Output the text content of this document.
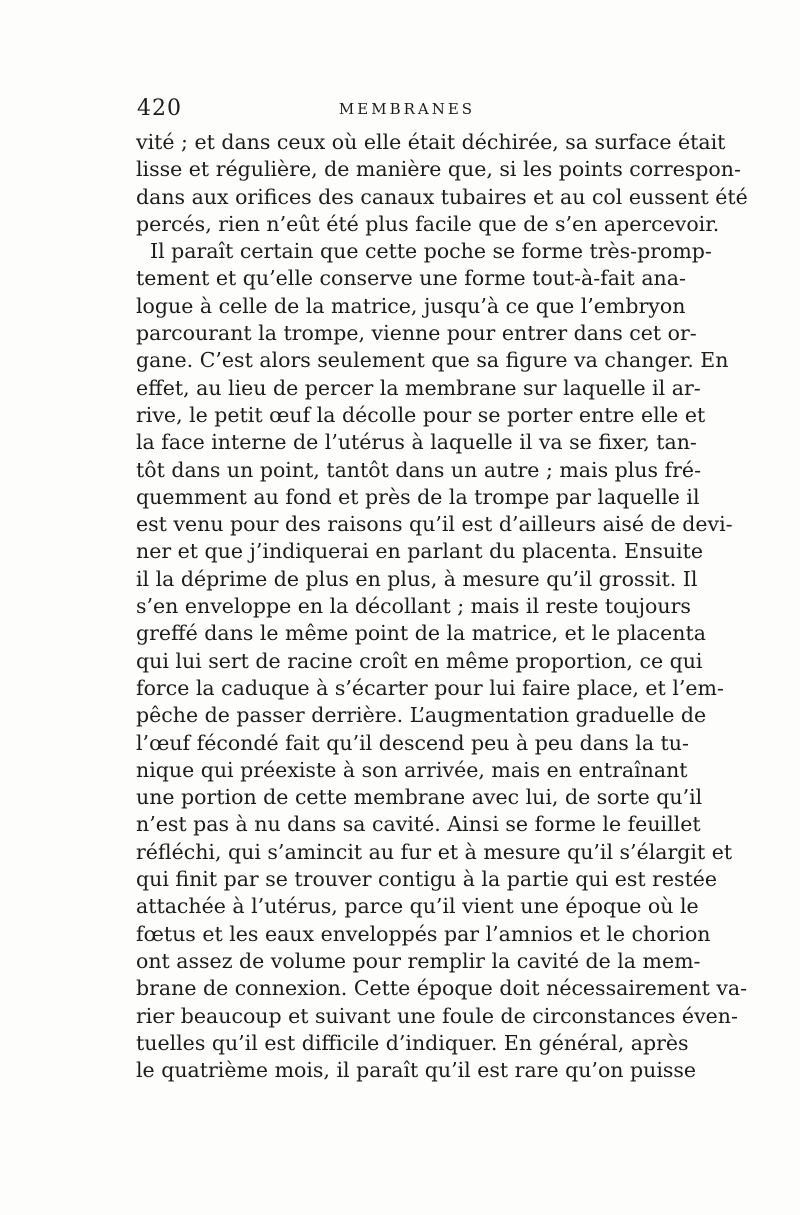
420	MEMBRANES
vité ; et dans ceux où elle était déchirée, sa surface était
lisse et régulière, de manière que, si les points correspon-
dans aux orifices des canaux tubaires et au col eussent été
percés, rien n’eût été plus facile que de s’en apercevoir.
Il paraît certain que cette poche se forme très-promp-
tement et qu’elle conserve une forme tout-à-fait ana-
logue à celle de la matrice, jusqu’à ce que l’embryon
parcourant la trompe, vienne pour entrer dans cet or-
gane. C’est alors seulement que sa figure va changer. En
effet, au lieu de percer la membrane sur laquelle il ar-
rive, le petit œuf la décolle pour se porter entre elle et
la face interne de l’utérus à laquelle il va se fixer, tan-
tôt dans un point, tantôt dans un autre ; mais plus fré-
quemment au fond et près de la trompe par laquelle il
est venu pour des raisons qu’il est d’ailleurs aisé de devi-
ner et que j’indiquerai en parlant du placenta. Ensuite
il la déprime de plus en plus, à mesure qu’il grossit. Il
s’en enveloppe en la décollant ; mais il reste toujours
greffé dans le même point de la matrice, et le placenta
qui lui sert de racine croît en même proportion, ce qui
force la caduque à s’écarter pour lui faire place, et l’em-
pêche de passer derrière. L’augmentation graduelle de
l’œuf fécondé fait qu’il descend peu à peu dans la tu-
nique qui préexiste à son arrivée, mais en entraînant
une portion de cette membrane avec lui, de sorte qu’il
n’est pas à nu dans sa cavité. Ainsi se forme le feuillet
réfléchi, qui s’amincit au fur et à mesure qu’il s’élargit et
qui finit par se trouver contigu à la partie qui est restée
attachée à l’utérus, parce qu’il vient une époque où le
fœtus et les eaux enveloppés par l’amnios et le chorion
ont assez de volume pour remplir la cavité de la mem-
brane de connexion. Cette époque doit nécessairement va-
rier beaucoup et suivant une foule de circonstances éven-
tuelles qu’il est difficile d’indiquer. En général, après
le quatrième mois, il paraît qu’il est rare qu’on puisse
